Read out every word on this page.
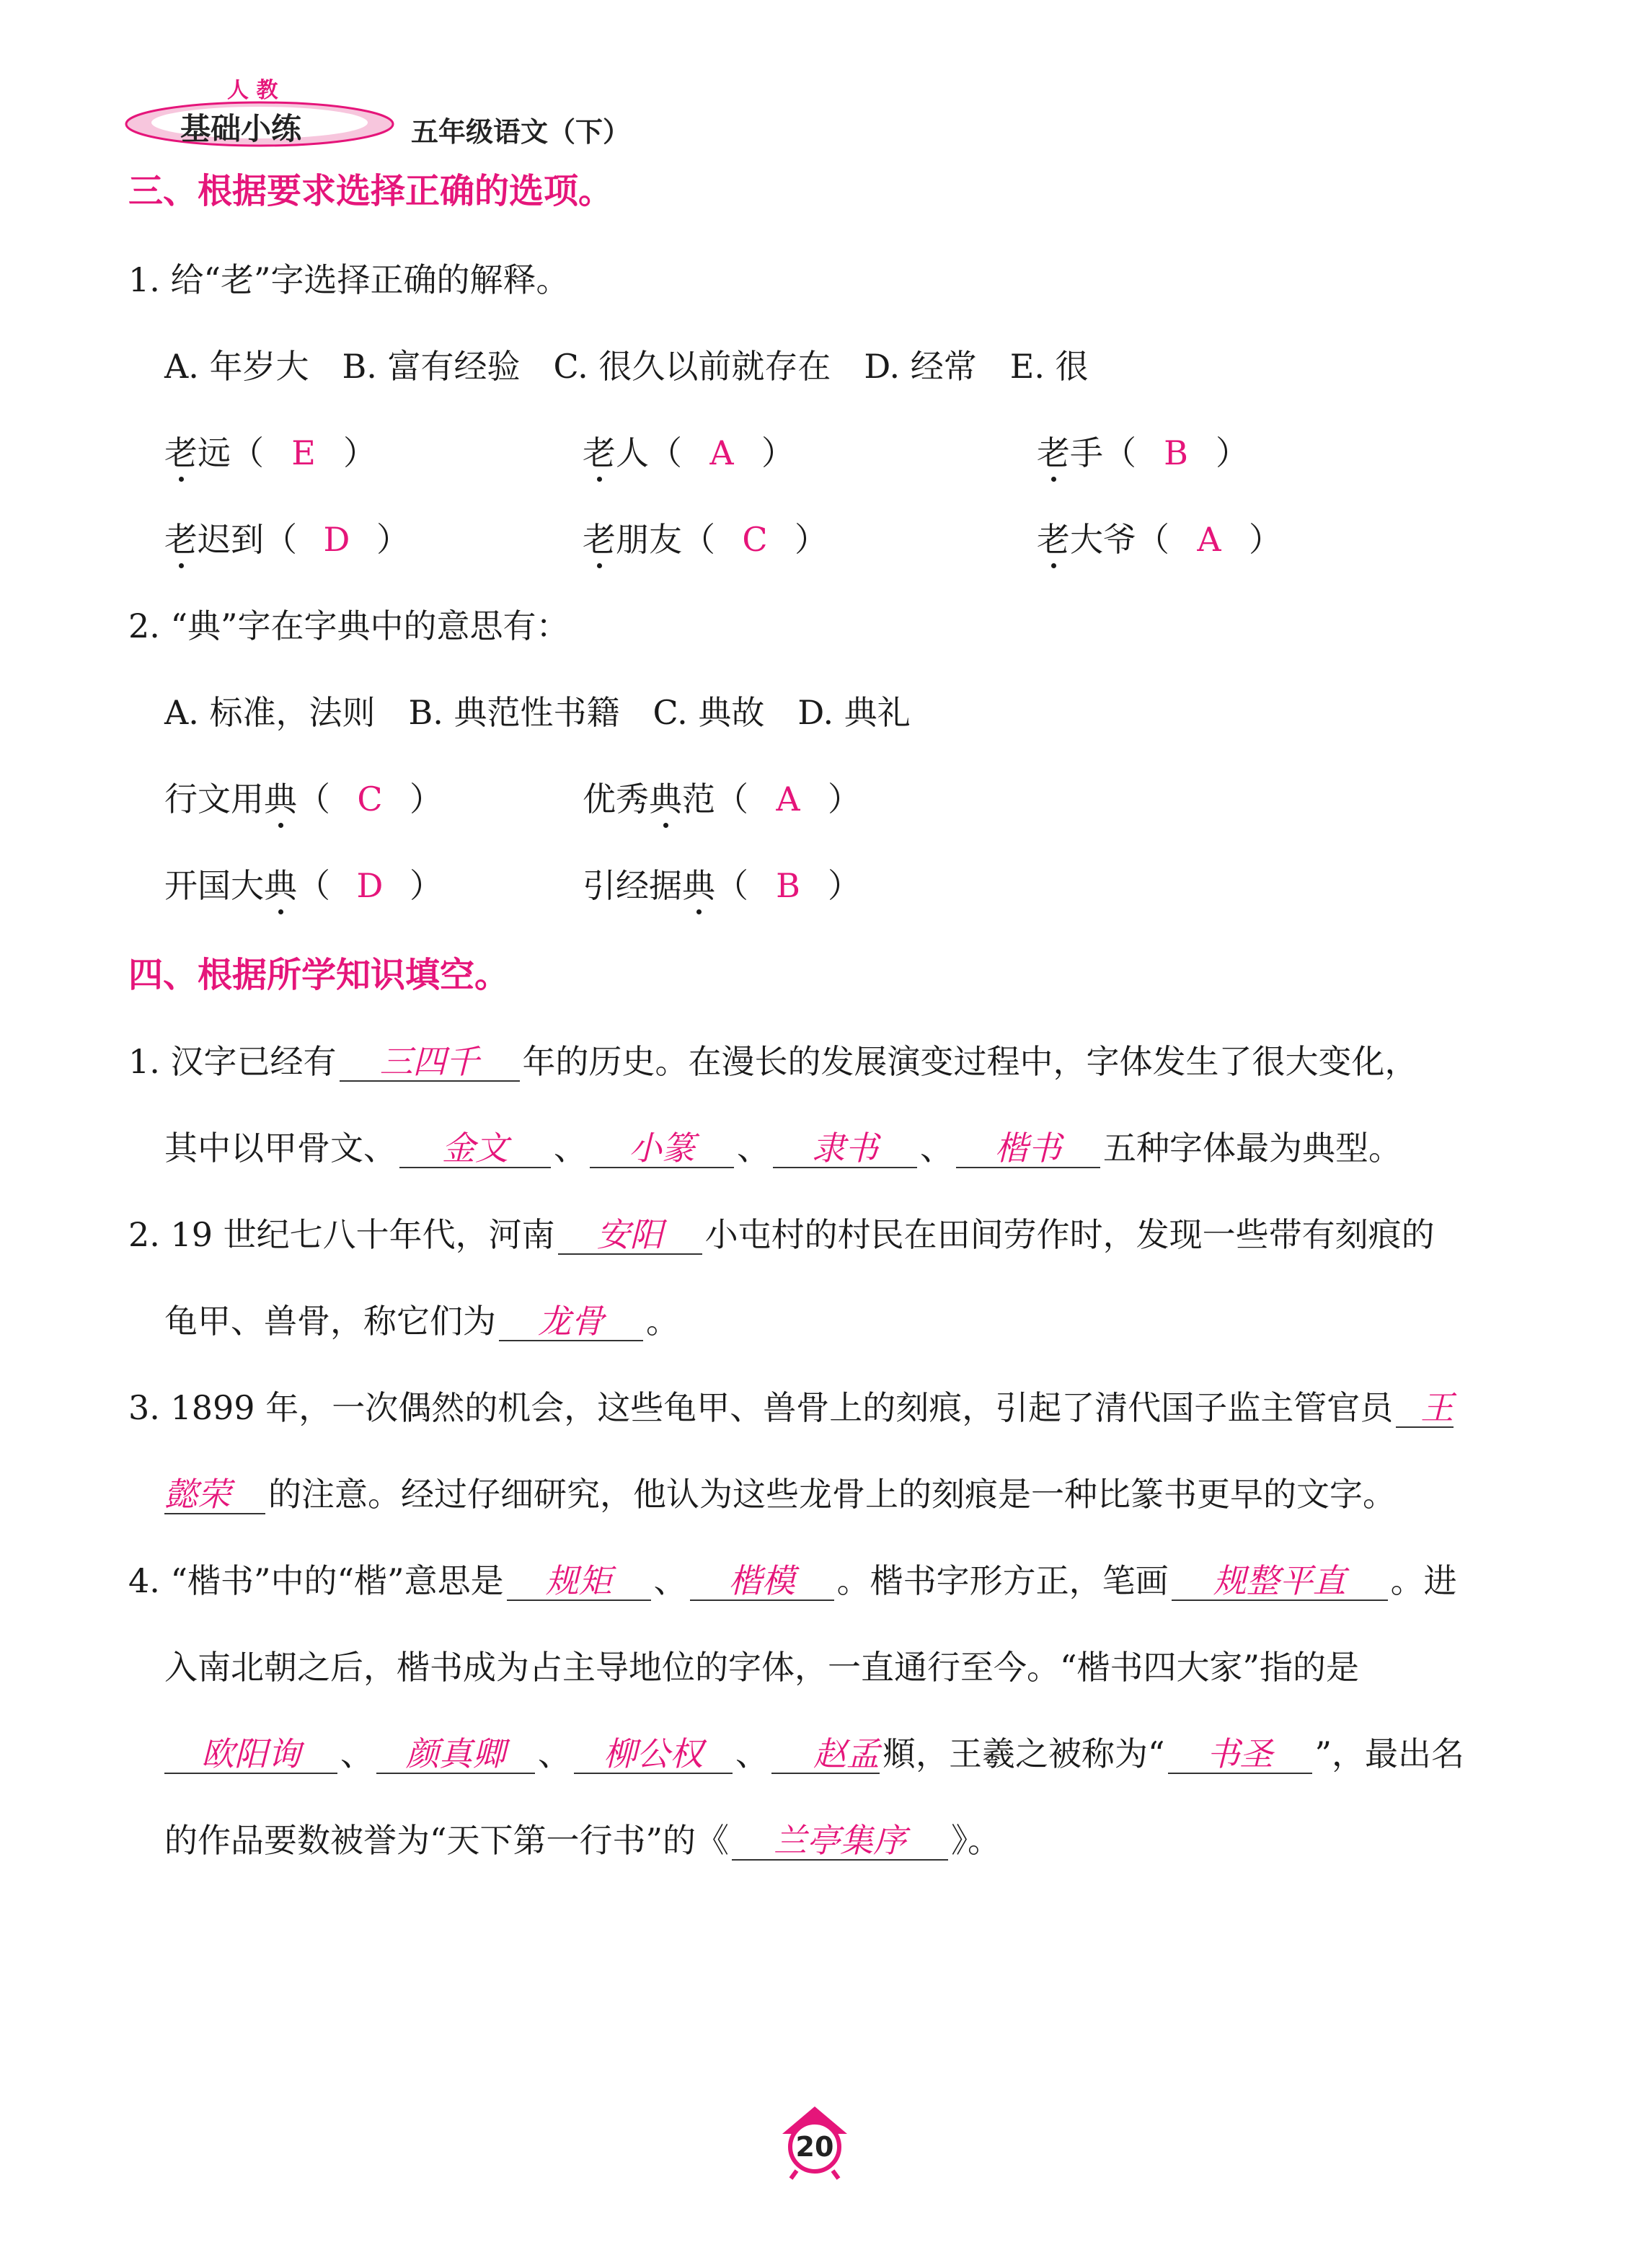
人 教
基础小练	五年级语文（下）
三、根据要求选择正确的选项。
1. 给“老”字选择正确的解释。
A. 年岁大　B. 富有经验　C. 很久以前就存在　D. 经常　E. 很
老远（ E ）	老人（ A ）	老手（ B ）
老迟到（ D ）	老朋友（ C ）	老大爷（ A ）
2. “典”字在字典中的意思有：
A. 标准，法则　B. 典范性书籍　C. 典故　D. 典礼
行文用典（ C ）	优秀典范（ A ）
开国大典（ D ）	引经据典（ B ）
四、根据所学知识填空。
1. 汉字已经有 三四千 年的历史。在漫长的发展演变过程中，字体发生了很大变化，
其中以甲骨文、 金文 、 小篆 、 隶书 、 楷书 五种字体最为典型。
2. 19 世纪七八十年代，河南 安阳 小屯村的村民在田间劳作时，发现一些带有刻痕的
龟甲、兽骨，称它们为 龙骨 。
3. 1899 年，一次偶然的机会，这些龟甲、兽骨上的刻痕，引起了清代国子监主管官员 王
懿荣 的注意。经过仔细研究，他认为这些龙骨上的刻痕是一种比篆书更早的文字。
4. “楷书”中的“楷”意思是 规矩 、 楷模 。楷书字形方正，笔画 规整平直 。进
入南北朝之后，楷书成为占主导地位的字体，一直通行至今。“楷书四大家”指的是
欧阳询 、 颜真卿 、 柳公权 、 赵孟頫，王羲之被称为“ 书圣 ”，最出名
的作品要数被誉为“天下第一行书”的《 兰亭集序 》。
20
